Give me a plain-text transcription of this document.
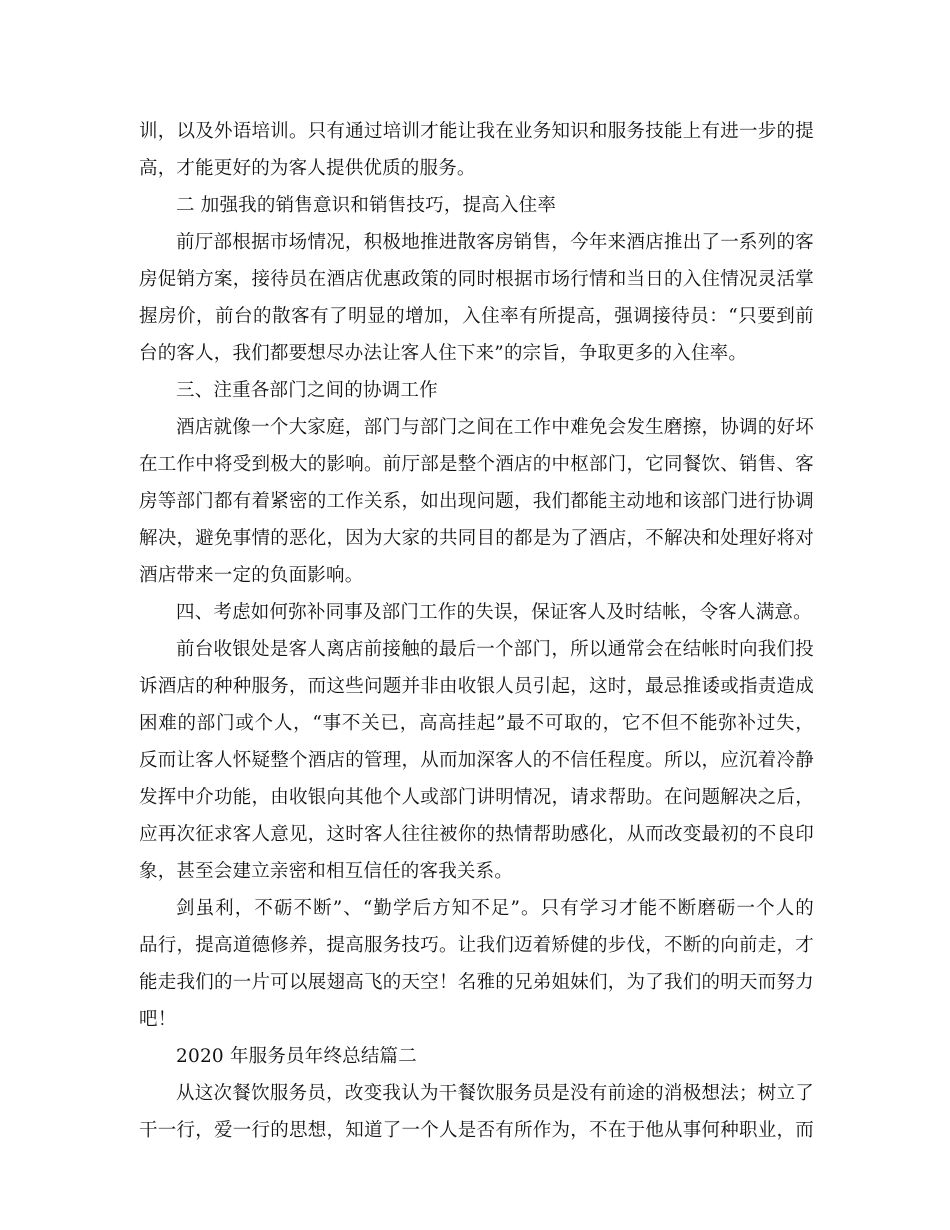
训，以及外语培训。只有通过培训才能让我在业务知识和服务技能上有进一步的提
高，才能更好的为客人提供优质的服务。
二 加强我的销售意识和销售技巧，提高入住率
前厅部根据市场情况，积极地推进散客房销售，今年来酒店推出了一系列的客
房促销方案，接待员在酒店优惠政策的同时根据市场行情和当日的入住情况灵活掌
握房价，前台的散客有了明显的增加，入住率有所提高，强调接待员：“只要到前
台的客人，我们都要想尽办法让客人住下来”的宗旨，争取更多的入住率。
三、注重各部门之间的协调工作
酒店就像一个大家庭，部门与部门之间在工作中难免会发生磨擦，协调的好坏
在工作中将受到极大的影响。前厅部是整个酒店的中枢部门，它同餐饮、销售、客
房等部门都有着紧密的工作关系，如出现问题，我们都能主动地和该部门进行协调
解决，避免事情的恶化，因为大家的共同目的都是为了酒店，不解决和处理好将对
酒店带来一定的负面影响。
四、考虑如何弥补同事及部门工作的失误，保证客人及时结帐，令客人满意。
前台收银处是客人离店前接触的最后一个部门，所以通常会在结帐时向我们投
诉酒店的种种服务，而这些问题并非由收银人员引起，这时，最忌推诿或指责造成
困难的部门或个人，“事不关已，高高挂起”最不可取的，它不但不能弥补过失，
反而让客人怀疑整个酒店的管理，从而加深客人的不信任程度。所以，应沉着冷静
发挥中介功能，由收银向其他个人或部门讲明情况，请求帮助。在问题解决之后，
应再次征求客人意见，这时客人往往被你的热情帮助感化，从而改变最初的不良印
象，甚至会建立亲密和相互信任的客我关系。
剑虽利，不砺不断”、“勤学后方知不足”。只有学习才能不断磨砺一个人的
品行，提高道德修养，提高服务技巧。让我们迈着矫健的步伐，不断的向前走，才
能走我们的一片可以展翅高飞的天空！名雅的兄弟姐妹们，为了我们的明天而努力
吧！
2020 年服务员年终总结篇二
从这次餐饮服务员，改变我认为干餐饮服务员是没有前途的消极想法；树立了
干一行，爱一行的思想，知道了一个人是否有所作为，不在于他从事何种职业，而
